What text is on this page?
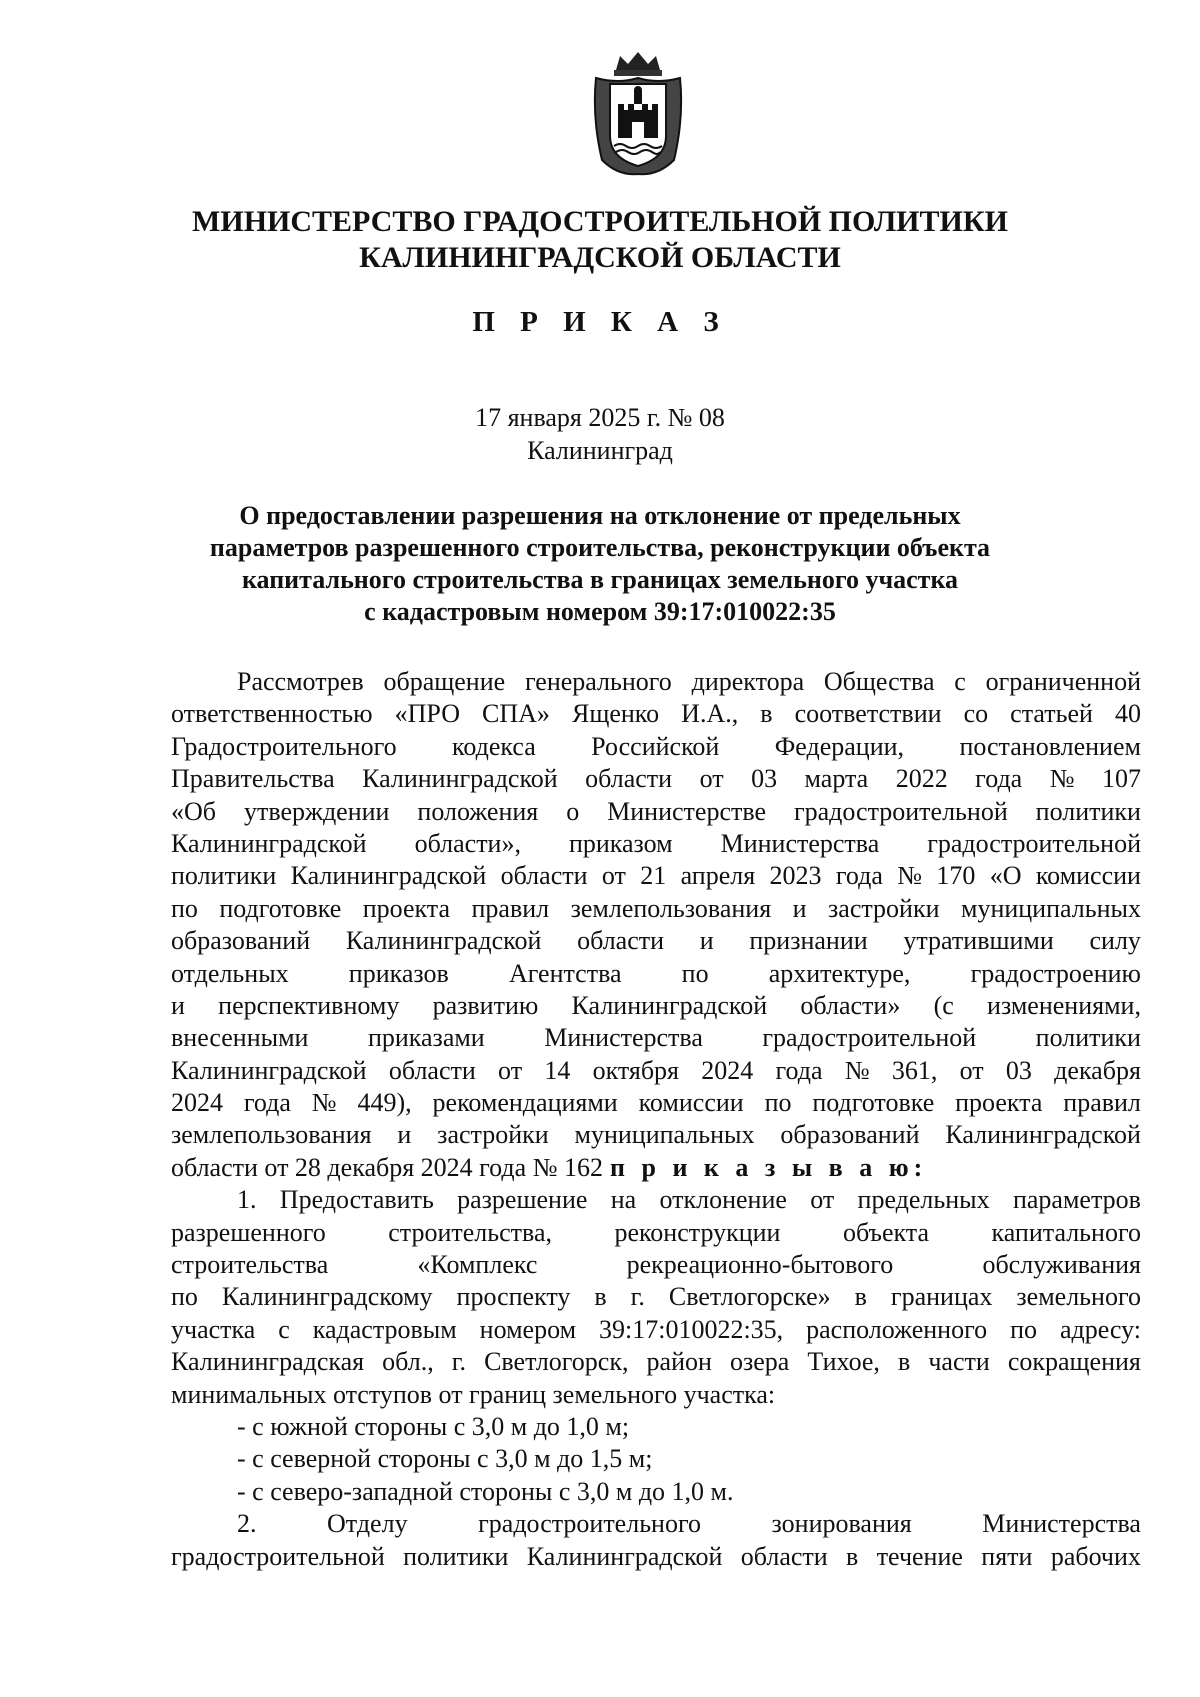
МИНИСТЕРСТВО ГРАДОСТРОИТЕЛЬНОЙ ПОЛИТИКИ
КАЛИНИНГРАДСКОЙ ОБЛАСТИ
П Р И К А З
17 января 2025 г. № 08
Калининград
О предоставлении разрешения на отклонение от предельных
параметров разрешенного строительства, реконструкции объекта
капитального строительства в границах земельного участка
с кадастровым номером 39:17:010022:35
Рассмотрев обращение генерального директора Общества с ограниченной
ответственностью «ПРО СПА» Ященко И.А., в соответствии со статьей 40
Градостроительного кодекса Российской Федерации, постановлением
Правительства Калининградской области от 03 марта 2022 года № 107
«Об утверждении положения о Министерстве градостроительной политики
Калининградской области», приказом Министерства градостроительной
политики Калининградской области от 21 апреля 2023 года № 170 «О комиссии
по подготовке проекта правил землепользования и застройки муниципальных
образований Калининградской области и признании утратившими силу
отдельных приказов Агентства по архитектуре, градостроению
и перспективному развитию Калининградской области» (с изменениями,
внесенными приказами Министерства градостроительной политики
Калининградской области от 14 октября 2024 года № 361, от 03 декабря
2024 года № 449), рекомендациями комиссии по подготовке проекта правил
землепользования и застройки муниципальных образований Калининградской
области от 28 декабря 2024 года № 162 п р и к а з ы в а ю:
1. Предоставить разрешение на отклонение от предельных параметров
разрешенного строительства, реконструкции объекта капитального
строительства	«Комплекс	рекреационно-бытового	обслуживания
по Калининградскому проспекту в г. Светлогорске» в границах земельного
участка с кадастровым номером 39:17:010022:35, расположенного по адресу:
Калининградская обл., г. Светлогорск, район озера Тихое, в части сокращения
минимальных отступов от границ земельного участка:
- с южной стороны с 3,0 м до 1,0 м;
- с северной стороны с 3,0 м до 1,5 м;
- с северо-западной стороны с 3,0 м до 1,0 м.
2.	Отделу	градостроительного	зонирования	Министерства
градостроительной политики Калининградской области в течение пяти рабочих
